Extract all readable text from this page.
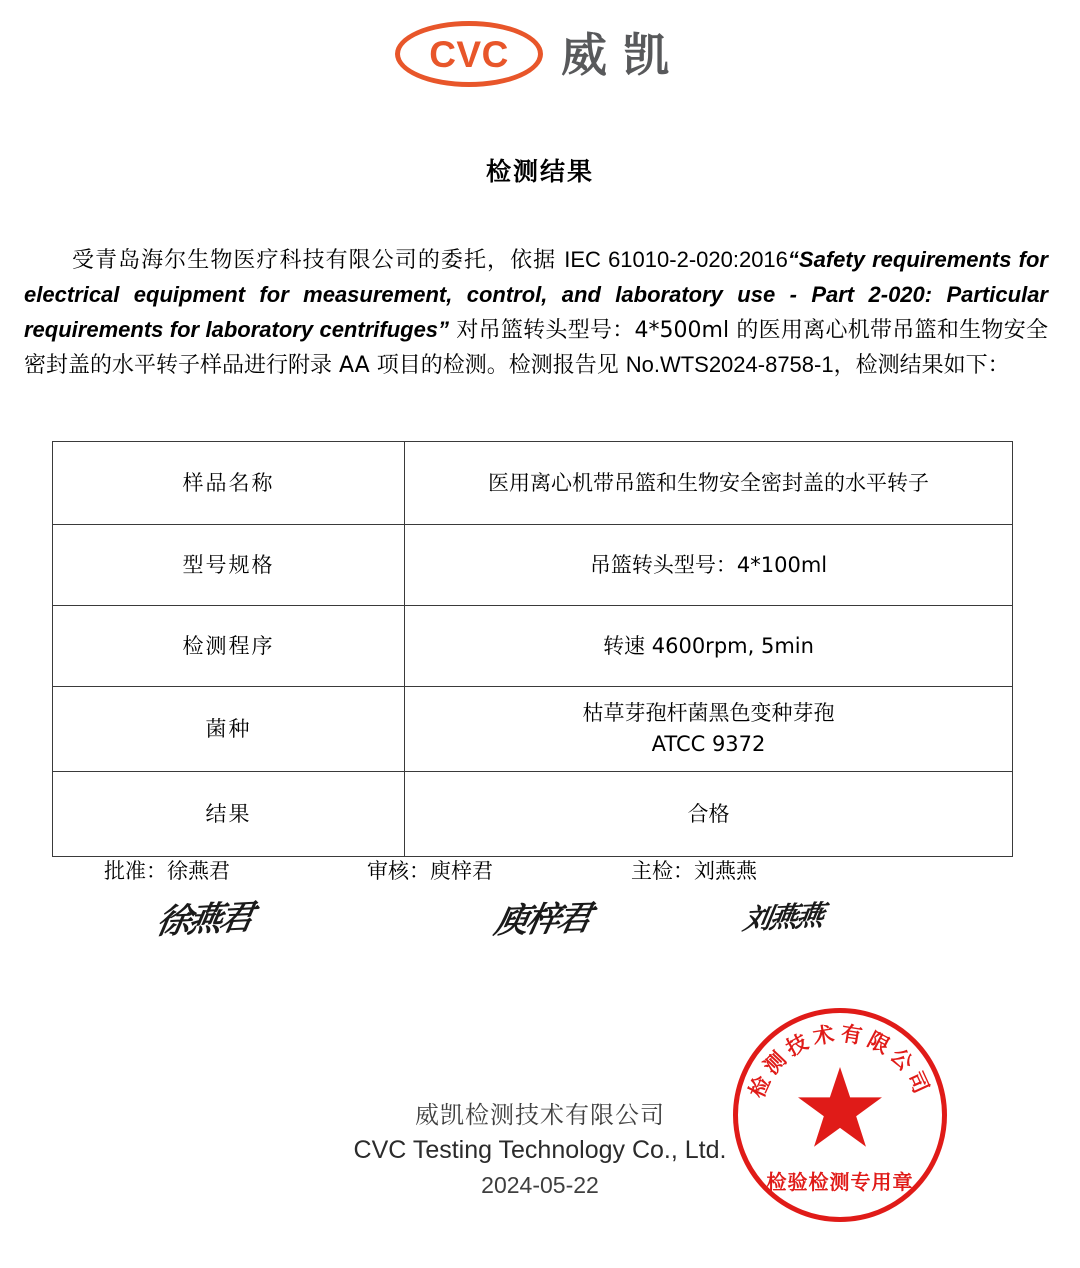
CVC 威凯
检测结果
受青岛海尔生物医疗科技有限公司的委托，依据 IEC 61010-2-020:2016“Safety requirements for electrical equipment for measurement, control, and laboratory use - Part 2-020: Particular requirements for laboratory centrifuges” 对吊篮转头型号：4*500ml 的医用离心机带吊篮和生物安全密封盖的水平转子样品进行附录 AA 项目的检测。检测报告见 No.WTS2024-8758-1，检测结果如下：
样品名称	医用离心机带吊篮和生物安全密封盖的水平转子

型号规格	吊篮转头型号：4*100ml

检测程序	转速 4600rpm, 5min

菌种	枯草芽孢杆菌黑色变种芽孢
ATCC 9372

结果	合格
批准：徐燕君	审核：庾梓君	主检：刘燕燕
徐燕君	庾梓君	刘燕燕
威凯检测技术有限公司
CVC Testing Technology Co., Ltd.
2024-05-22
检测技术有限公司
检验检测专用章
